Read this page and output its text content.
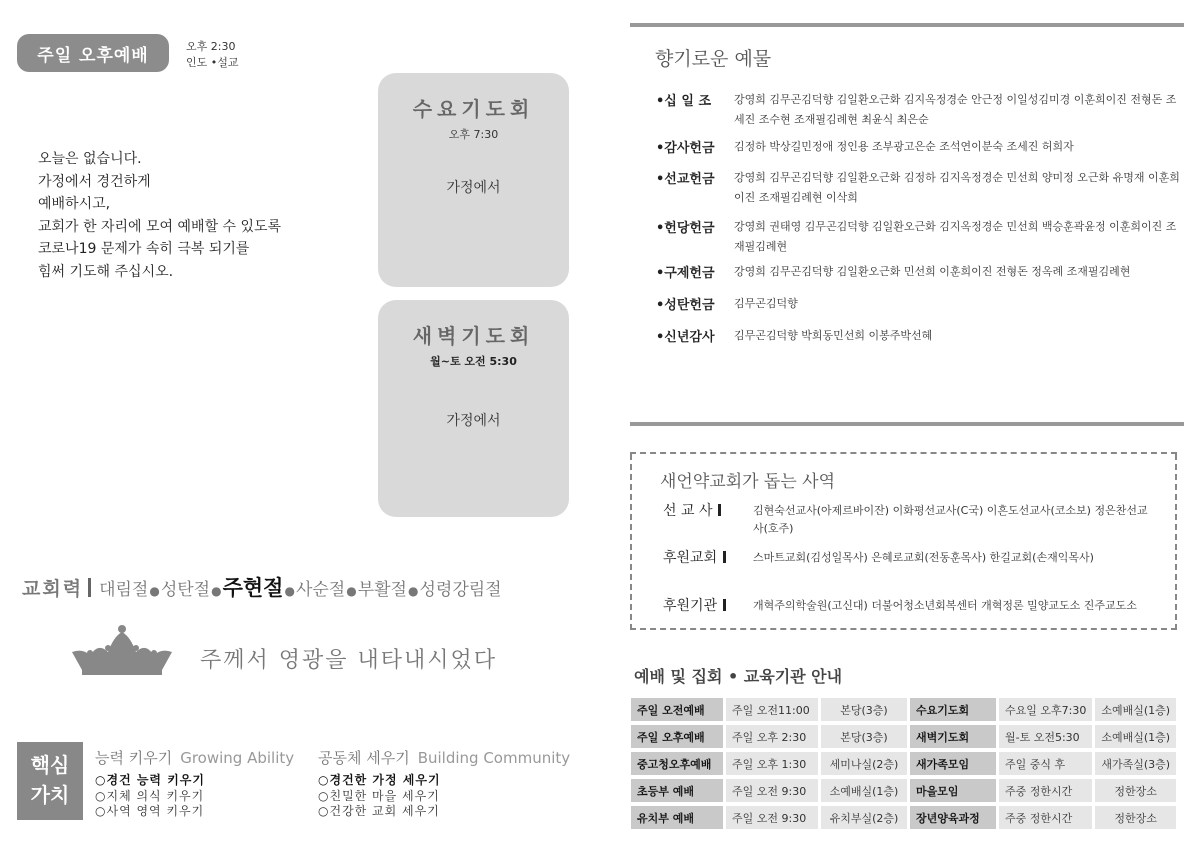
주일 오후예배	오후 2:30
인도 •설교
오늘은 없습니다.
가정에서 경건하게
예배하시고,
교회가 한 자리에 모여 예배할 수 있도록
코로나19 문제가 속히 극복 되기를
힘써 기도해 주십시오.
수요기도회
오후 7:30
가정에서
새벽기도회
월~토 오전 5:30
가정에서
교회력 대림절 ● 성탄절 ● 주현절 ● 사순절 ● 부활절 ● 성령강림절
주께서 영광을 내타내시었다
핵심
가치
능력 키우기 Growing Ability
○경건 능력 키우기
○지체 의식 키우기
○사역 영역 키우기
공동체 세우기 Building Community
○경건한 가정 세우기
○친밀한 마을 세우기
○건강한 교회 세우기
향기로운 예물
•십 일 조 강영희 김무곤김덕향 김일환오근화 김지옥정경순 안근정 이일성김미경 이훈희이진 전형돈 조세진 조수현 조재필김례현 최윤식 최은순
•감사헌금 김정하 박상길민정애 정인용 조부광고은순 조석연이분숙 조세진 허희자
•선교헌금 강영희 김무곤김덕향 김일환오근화 김정하 김지옥정경순 민선희 양미정 오근화 유명재 이훈희이진 조재필김례현 이삭희
•헌당헌금 강영희 권태영 김무곤김덕향 김일환오근화 김지옥정경순 민선희 백승훈곽윤정 이훈희이진 조재필김례현
•구제헌금 강영희 김무곤김덕향 김일환오근화 민선희 이훈희이진 전형돈 정옥례 조재필김례현
•성탄헌금 김무곤김덕향
•신년감사 김무곤김덕향 박희동민선희 이봉주박선혜
새언약교회가 돕는 사역
선 교 사	김현숙선교사(아제르바이잔) 이화평선교사(C국) 이흔도선교사(코소보) 정은찬선교사(호주)
후원교회	스마트교회(김성일목사) 은혜로교회(전동훈목사) 한길교회(손재익목사)
후원기관	개혁주의학술원(고신대) 더불어청소년회복센터 개혁정론 밀양교도소 진주교도소
예배 및 집회 • 교육기관 안내
주일 오전예배	주일 오전11:00	본당(3층)	수요기도회	수요일 오후7:30	소예배실(1층)
주일 오후예배	주일 오후 2:30	본당(3층)	새벽기도회	월-토 오전5:30	소예배실(1층)
중고청오후예배	주일 오후 1:30	세미나실(2층)	새가족모임	주일 중식 후	새가족실(3층)
초등부 예배	주일 오전 9:30	소예배실(1층)	마을모임	주중 정한시간	정한장소
유치부 예배	주일 오전 9:30	유치부실(2층)	장년양육과정	주중 정한시간	정한장소
